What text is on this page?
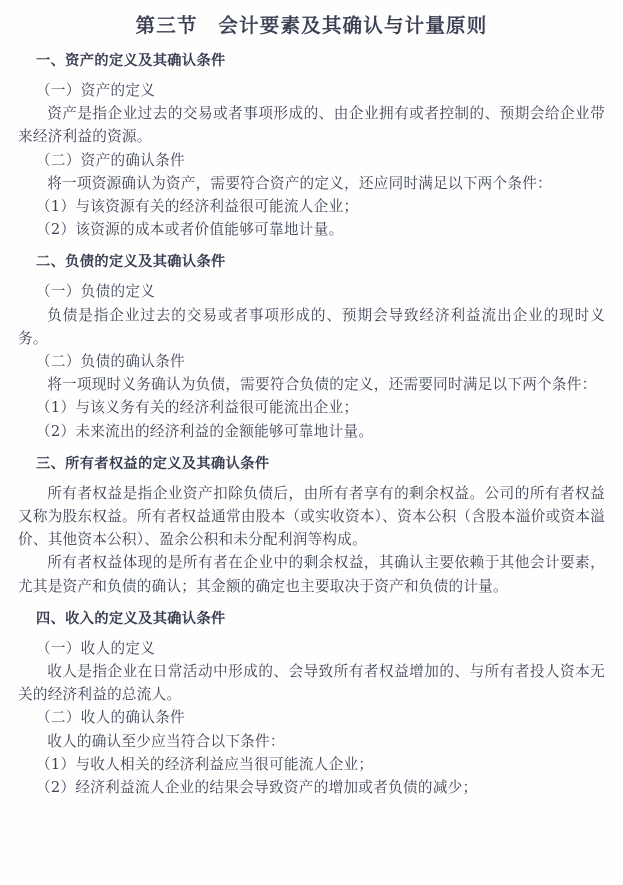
第三节　会计要素及其确认与计量原则
一、资产的定义及其确认条件

（一）资产的定义

资产是指企业过去的交易或者事项形成的、由企业拥有或者控制的、预期会给企业带来经济利益的资源。

（二）资产的确认条件

将一项资源确认为资产，需要符合资产的定义，还应同时满足以下两个条件：

（1）与该资源有关的经济利益很可能流人企业；

（2）该资源的成本或者价值能够可靠地计量。

二、负债的定义及其确认条件

（一）负债的定义

负债是指企业过去的交易或者事项形成的、预期会导致经济利益流出企业的现时义务。

（二）负债的确认条件

将一项现时义务确认为负债，需要符合负债的定义，还需要同时满足以下两个条件：

（1）与该义务有关的经济利益很可能流出企业；

（2）未来流出的经济利益的金额能够可靠地计量。

三、所有者权益的定义及其确认条件

所有者权益是指企业资产扣除负债后，由所有者享有的剩余权益。公司的所有者权益又称为股东权益。所有者权益通常由股本（或实收资本）、资本公积（含股本溢价或资本溢价、其他资本公积）、盈余公积和未分配利润等构成。

所有者权益体现的是所有者在企业中的剩余权益，其确认主要依赖于其他会计要素，尤其是资产和负债的确认；其金额的确定也主要取决于资产和负债的计量。

四、收入的定义及其确认条件

（一）收人的定义

收人是指企业在日常活动中形成的、会导致所有者权益增加的、与所有者投人资本无关的经济利益的总流人。

（二）收人的确认条件

收人的确认至少应当符合以下条件：

（1）与收人相关的经济利益应当很可能流人企业；

（2）经济利益流人企业的结果会导致资产的增加或者负债的减少；
